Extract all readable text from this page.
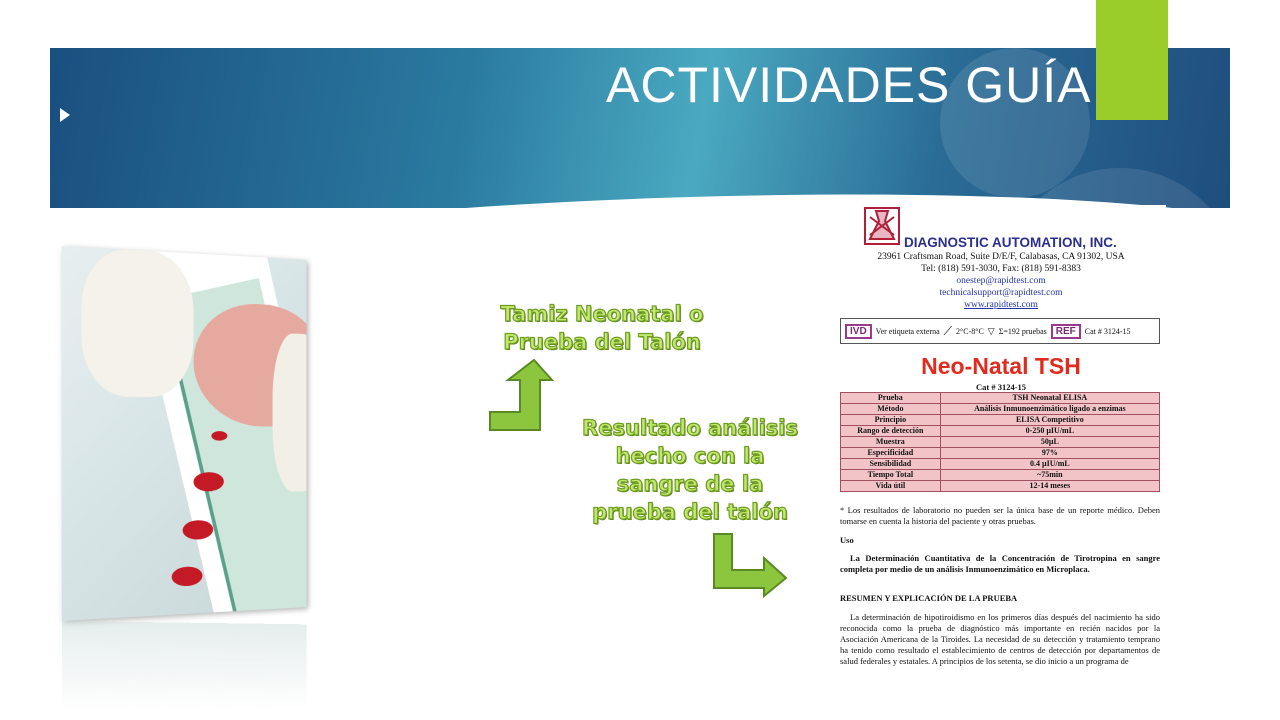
ACTIVIDADES GUÍA
Tamiz Neonatal o
Prueba del Talón
Resultado análisis
hecho con la
sangre de la
prueba del talón
DIAGNOSTIC AUTOMATION, INC.
23961 Craftsman Road, Suite D/E/F, Calabasas, CA 91302, USA
Tel: (818) 591-3030, Fax: (818) 591-8383
onestep@rapidtest.com
technicalsupport@rapidtest.com
www.rapidtest.com
IVD	Ver etiqueta externa ⟋ 2°C-8°C ▽ Σ=192 pruebas REF	Cat # 3124-15
Neo-Natal TSH
Cat # 3124-15
Prueba	TSH Neonatal ELISA
Método	Análisis Inmunoenzimático ligado a enzimas
Principio	ELISA Competitivo
Rango de detección	0-250 µIU/mL
Muestra	50µL
Especificidad	97%
Sensibilidad	0.4 µIU/mL
Tiempo Total	~75min
Vida útil	12-14 meses
* Los resultados de laboratorio no pueden ser la única base de un reporte médico. Deben tomarse en cuenta la historia del paciente y otras pruebas.
Uso
La Determinación Cuantitativa de la Concentración de Tirotropina en sangre completa por medio de un análisis Inmunoenzimático en Microplaca.
RESUMEN Y EXPLICACIÓN DE LA PRUEBA
La determinación de hipotiroidismo en los primeros días después del nacimiento ha sido reconocida como la prueba de diagnóstico más importante en recién nacidos por la Asociación Americana de la Tiroides. La necesidad de su detección y tratamiento temprano ha tenido como resultado el establecimiento de centros de detección por departamentos de salud federales y estatales. A principios de los setenta, se dio inicio a un programa de
